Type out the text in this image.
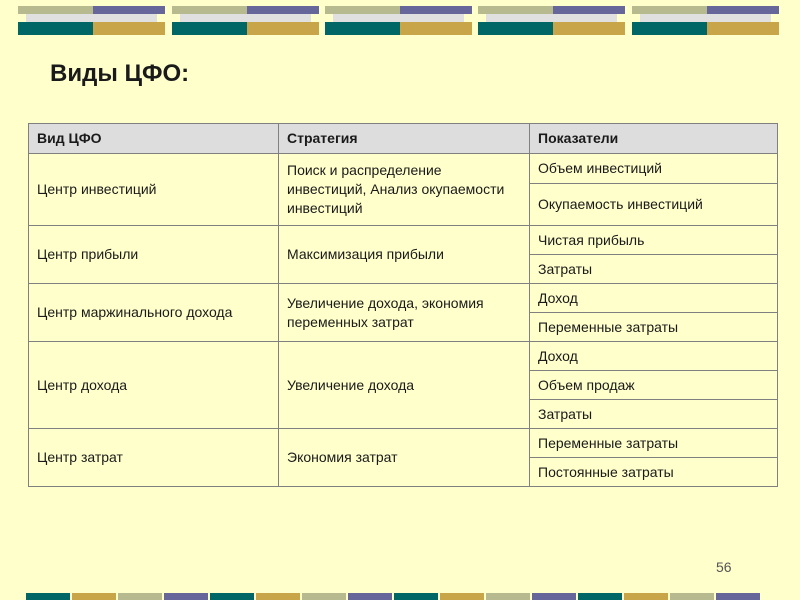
Виды ЦФО:
Вид ЦФО	Стратегия	Показатели
Центр инвестиций	Поиск и распределение инвестиций, Анализ окупаемости инвестиций	Объем инвестиций
		Окупаемость инвестиций
Центр прибыли	Максимизация прибыли	Чистая прибыль
		Затраты
Центр маржинального дохода	Увеличение дохода, экономия переменных затрат	Доход
		Переменные затраты
Центр дохода	Увеличение дохода	Доход
		Объем продаж
		Затраты
Центр затрат	Экономия затрат	Переменные затраты
		Постоянные затраты
56
